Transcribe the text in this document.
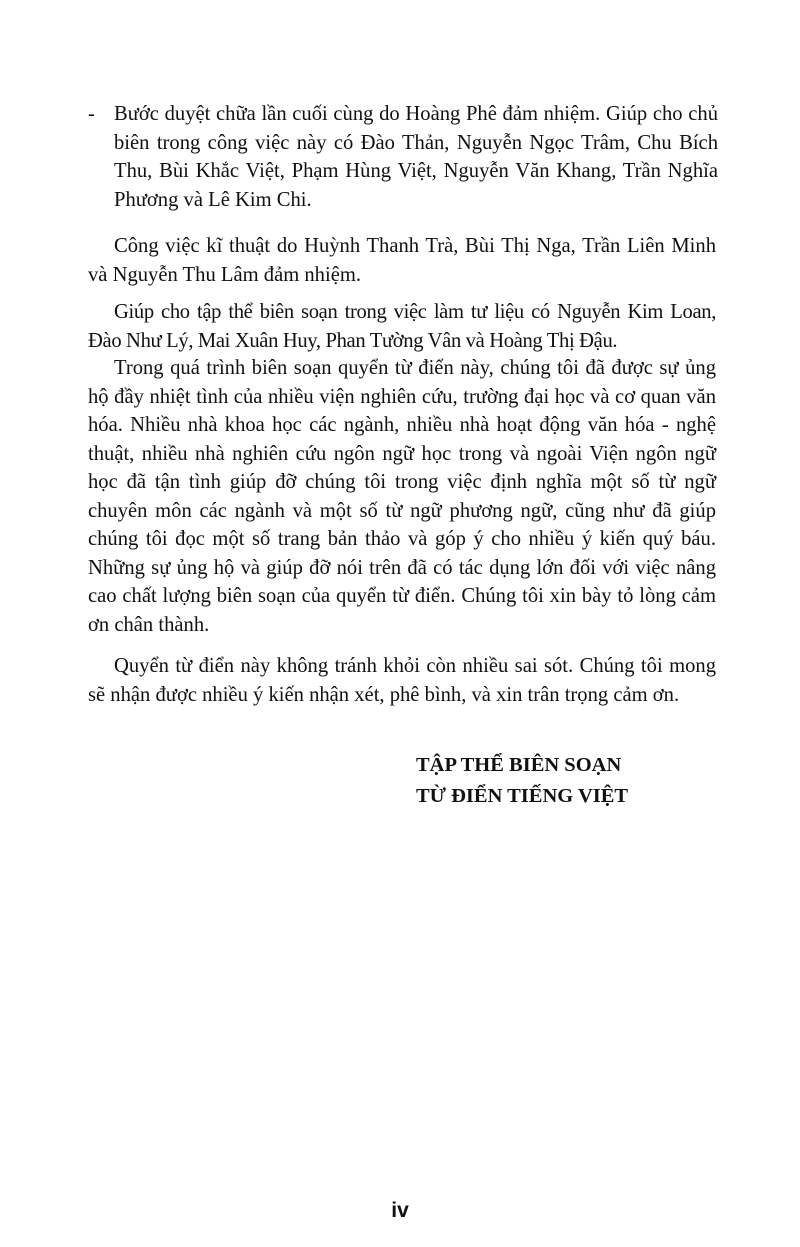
- Bước duyệt chữa lần cuối cùng do Hoàng Phê đảm nhiệm. Giúp cho chủ biên trong công việc này có Đào Thản, Nguyễn Ngọc Trâm, Chu Bích Thu, Bùi Khắc Việt, Phạm Hùng Việt, Nguyễn Văn Khang, Trần Nghĩa Phương và Lê Kim Chi.

Công việc kĩ thuật do Huỳnh Thanh Trà, Bùi Thị Nga, Trần Liên Minh và Nguyễn Thu Lâm đảm nhiệm.

Giúp cho tập thể biên soạn trong việc làm tư liệu có Nguyễn Kim Loan, Đào Như Lý, Mai Xuân Huy, Phan Tường Vân và Hoàng Thị Đậu.

Trong quá trình biên soạn quyển từ điển này, chúng tôi đã được sự ủng hộ đầy nhiệt tình của nhiều viện nghiên cứu, trường đại học và cơ quan văn hóa. Nhiều nhà khoa học các ngành, nhiều nhà hoạt động văn hóa - nghệ thuật, nhiều nhà nghiên cứu ngôn ngữ học trong và ngoài Viện ngôn ngữ học đã tận tình giúp đỡ chúng tôi trong việc định nghĩa một số từ ngữ chuyên môn các ngành và một số từ ngữ phương ngữ, cũng như đã giúp chúng tôi đọc một số trang bản thảo và góp ý cho nhiều ý kiến quý báu. Những sự ủng hộ và giúp đỡ nói trên đã có tác dụng lớn đối với việc nâng cao chất lượng biên soạn của quyển từ điển. Chúng tôi xin bày tỏ lòng cảm ơn chân thành.

Quyển từ điển này không tránh khỏi còn nhiều sai sót. Chúng tôi mong sẽ nhận được nhiều ý kiến nhận xét, phê bình, và xin trân trọng cảm ơn.

TẬP THỂ BIÊN SOẠN
TỪ ĐIỂN TIẾNG VIỆT
iv
